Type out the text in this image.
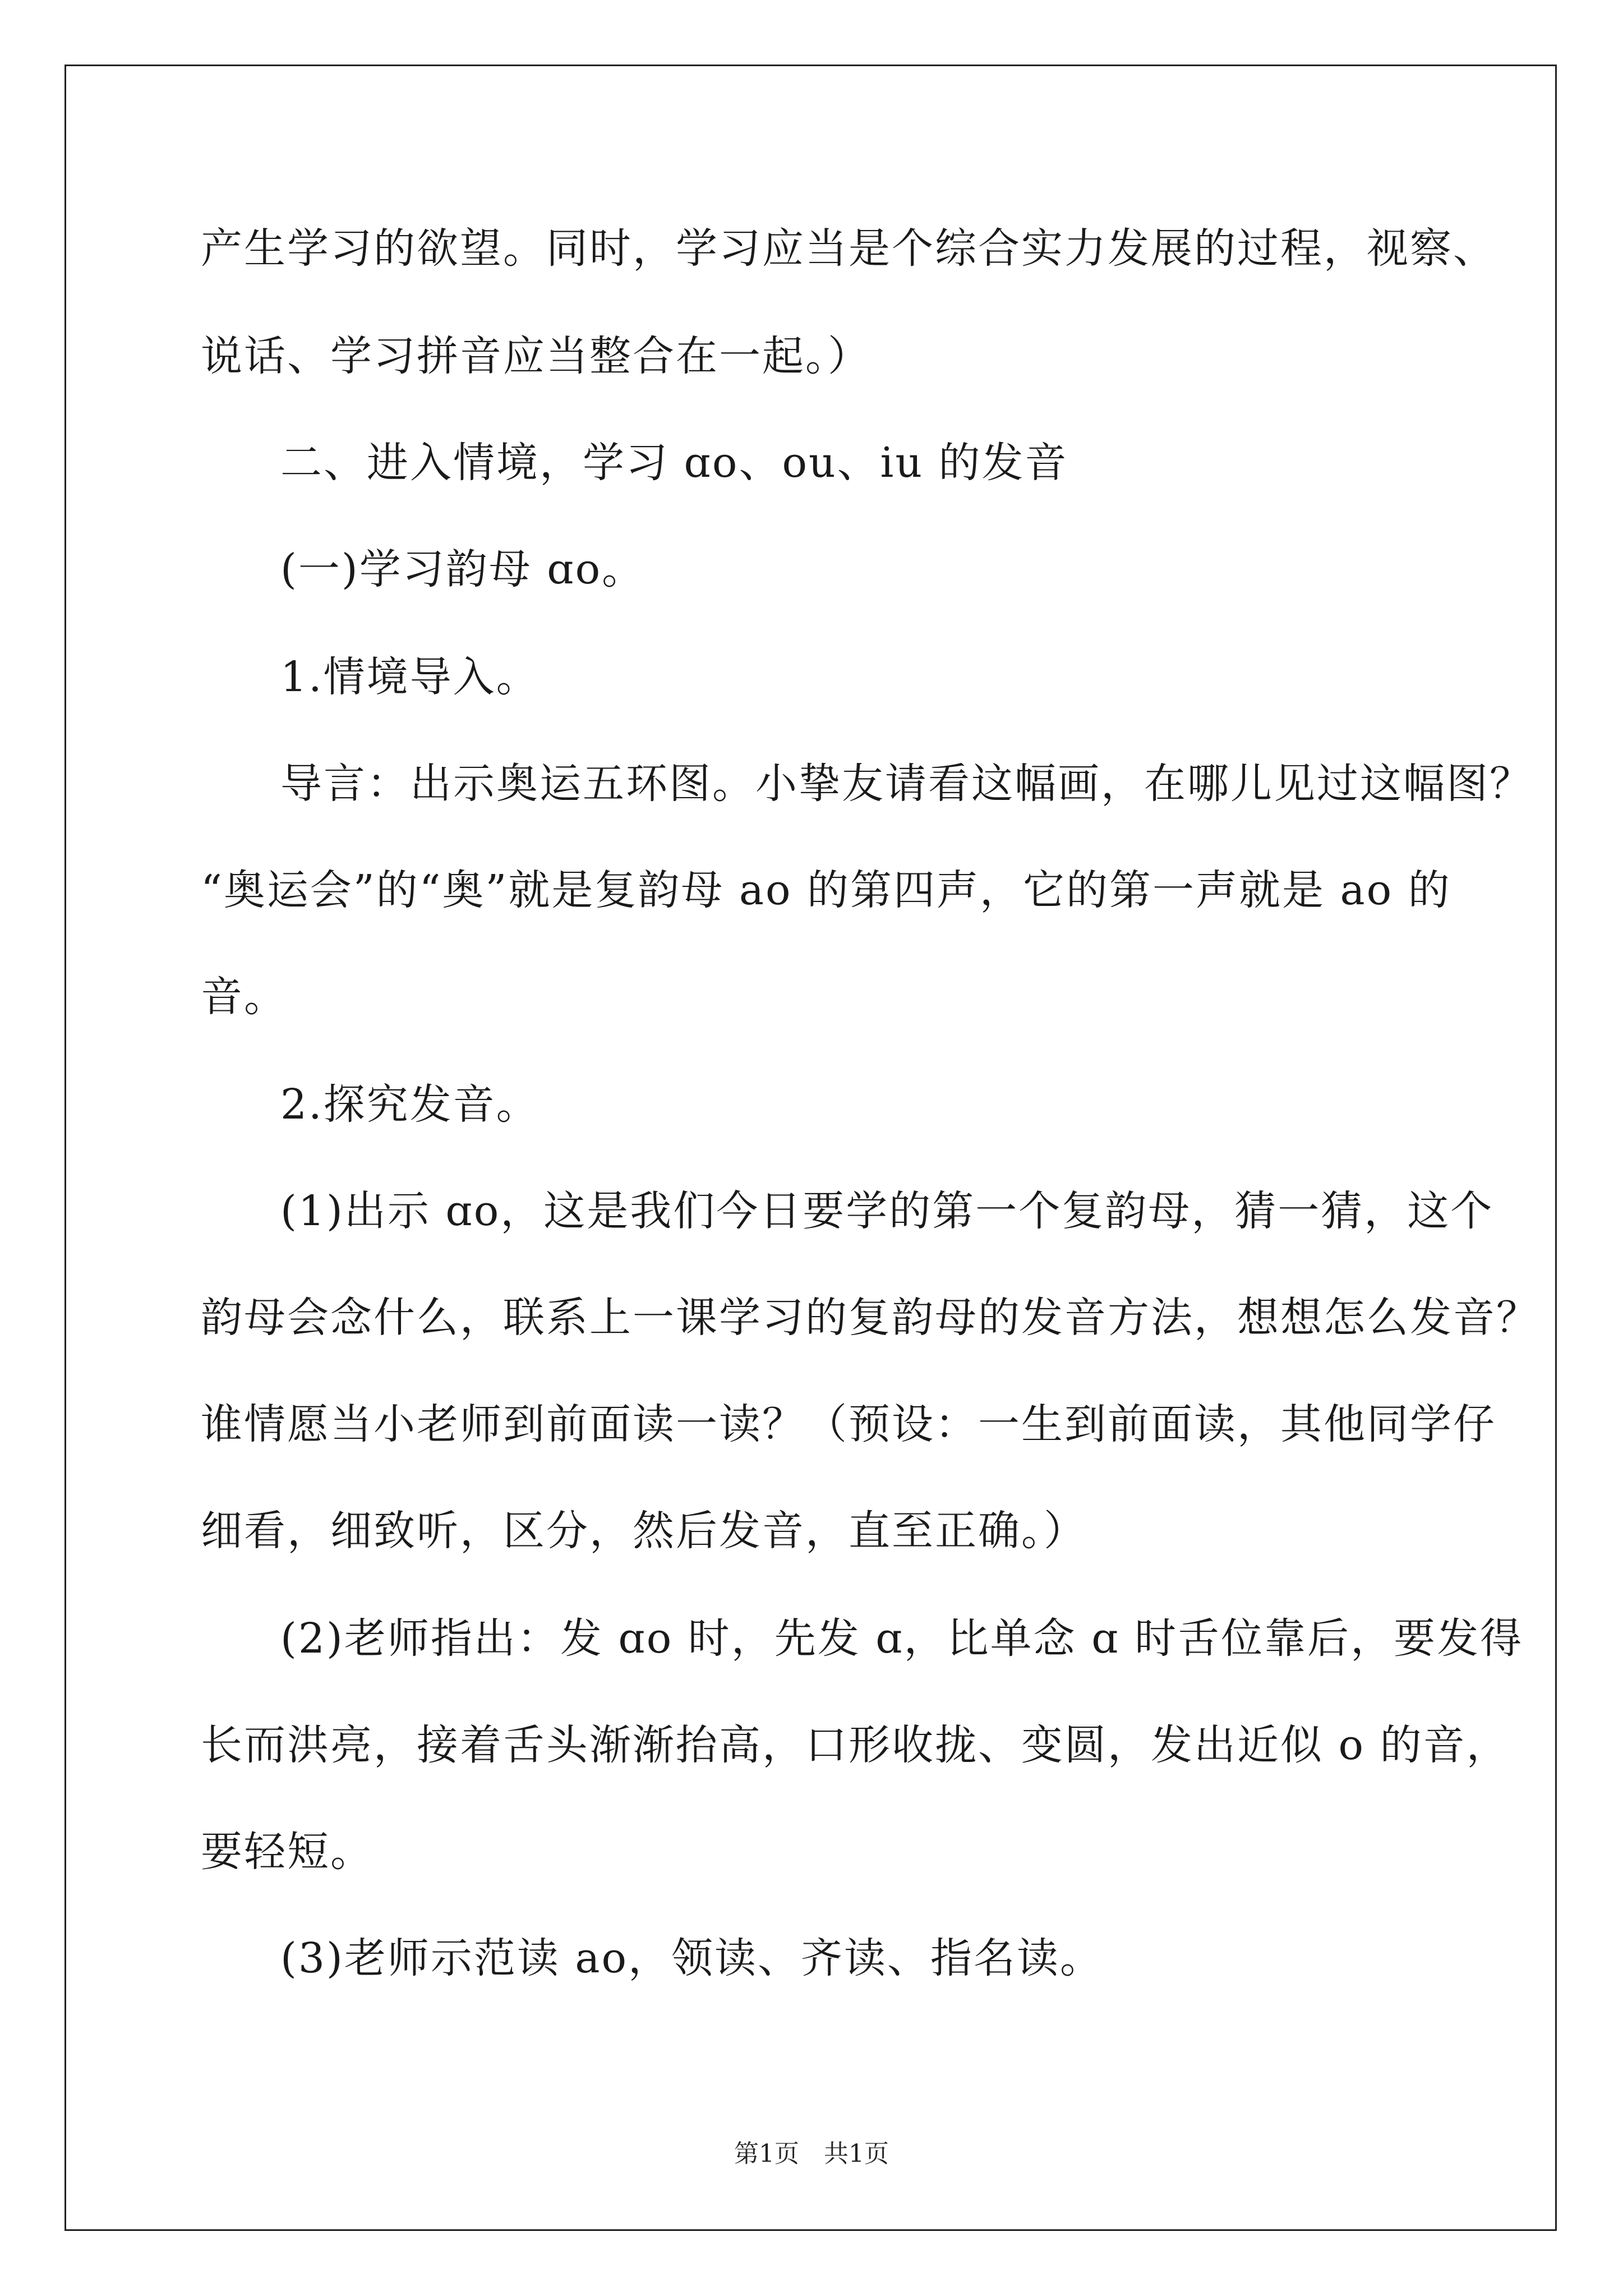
产生学习的欲望。同时，学习应当是个综合实力发展的过程，视察、
说话、学习拼音应当整合在一起。）
二、进入情境，学习 ɑo、ou、iu 的发音
(一)学习韵母 ɑo。
1.情境导入。
导言：出示奥运五环图。小挚友请看这幅画，在哪儿见过这幅图？
“奥运会”的“奥”就是复韵母 ao 的第四声，它的第一声就是 ao 的
音。
2.探究发音。
(1)出示 ɑo，这是我们今日要学的第一个复韵母，猜一猜，这个
韵母会念什么，联系上一课学习的复韵母的发音方法，想想怎么发音？
谁情愿当小老师到前面读一读？（预设：一生到前面读，其他同学仔
细看，细致听，区分，然后发音，直至正确。）
(2)老师指出：发 ɑo 时，先发 ɑ，比单念 ɑ 时舌位靠后，要发得
长而洪亮，接着舌头渐渐抬高，口形收拢、变圆，发出近似 o 的音，
要轻短。
(3)老师示范读 ao，领读、齐读、指名读。
第1页　共1页
